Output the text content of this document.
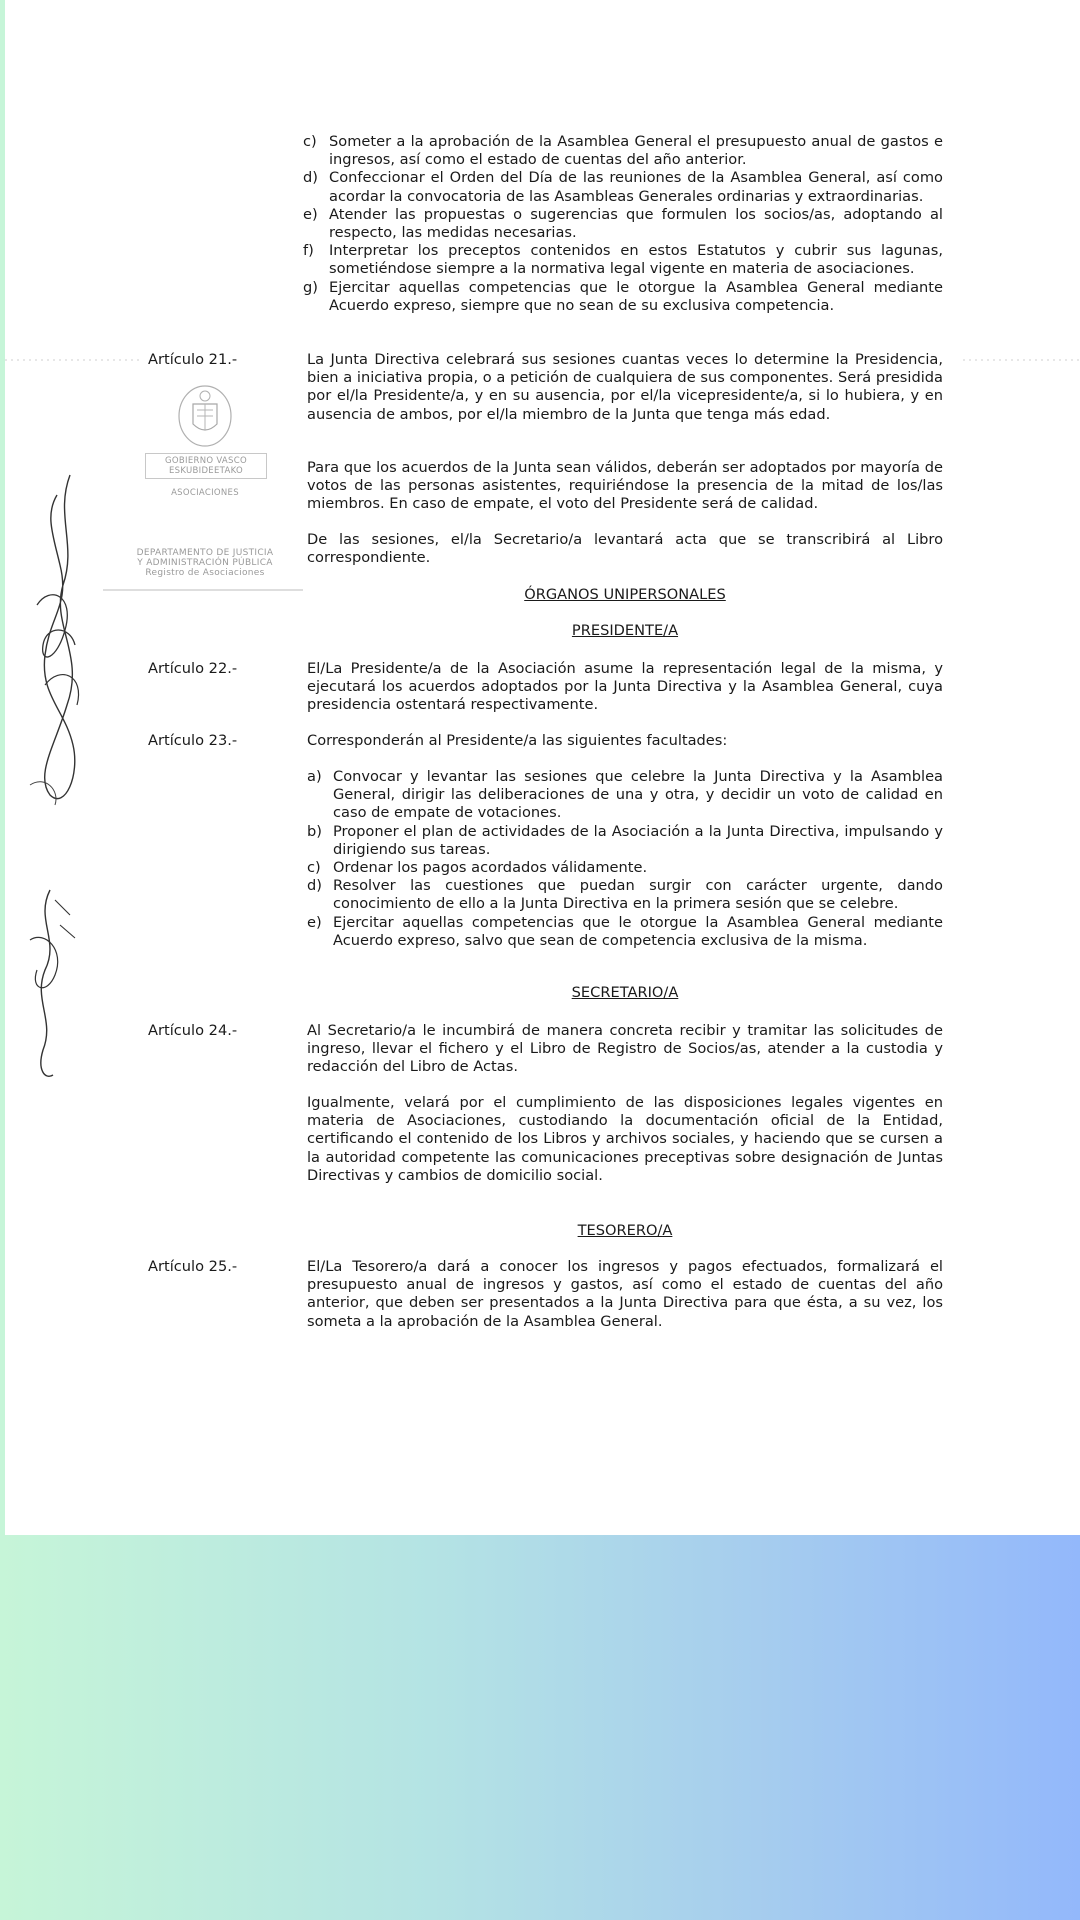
c) Someter a la aprobación de la Asamblea General el presupuesto anual de gastos e ingresos, así como el estado de cuentas del año anterior.
d) Confeccionar el Orden del Día de las reuniones de la Asamblea General, así como acordar la convocatoria de las Asambleas Generales ordinarias y extraordinarias.
e) Atender las propuestas o sugerencias que formulen los socios/as, adoptando al respecto, las medidas necesarias.
f)	Interpretar los preceptos contenidos en estos Estatutos y cubrir sus lagunas, sometiéndose siempre a la normativa legal vigente en materia de asociaciones.
g) Ejercitar aquellas competencias que le otorgue la Asamblea General mediante Acuerdo expreso, siempre que no sean de su exclusiva competencia.
Artículo 21.-	La Junta Directiva celebrará sus sesiones cuantas veces lo determine la Presidencia, bien a iniciativa propia, o a petición de cualquiera de sus componentes. Será presidida por el/la Presidente/a, y en su ausencia, por el/la vicepresidente/a, si lo hubiera, y en ausencia de ambos, por el/la miembro de la Junta que tenga más edad.
Para que los acuerdos de la Junta sean válidos, deberán ser adoptados por mayoría de votos de las personas asistentes, requiriéndose la presencia de la mitad de los/las miembros. En caso de empate, el voto del Presidente será de calidad.
De las sesiones, el/la Secretario/a levantará acta que se transcribirá al Libro correspondiente.
GOBIERNO VASCO
ESKUBIDEETAKO
ASOCIACIONES
DEPARTAMENTO DE JUSTICIA
Y ADMINISTRACIÓN PÚBLICA
Registro de Asociaciones
ÓRGANOS UNIPERSONALES
PRESIDENTE/A
Artículo 22.-	El/La Presidente/a de la Asociación asume la representación legal de la misma, y ejecutará los acuerdos adoptados por la Junta Directiva y la Asamblea General, cuya presidencia ostentará respectivamente.
Artículo 23.-	Corresponderán al Presidente/a las siguientes facultades:
a) Convocar y levantar las sesiones que celebre la Junta Directiva y la Asamblea General, dirigir las deliberaciones de una y otra, y decidir un voto de calidad en caso de empate de votaciones.
b) Proponer el plan de actividades de la Asociación a la Junta Directiva, impulsando y dirigiendo sus tareas.
c) Ordenar los pagos acordados válidamente.
d) Resolver las cuestiones que puedan surgir con carácter urgente, dando conocimiento de ello a la Junta Directiva en la primera sesión que se celebre.
e) Ejercitar aquellas competencias que le otorgue la Asamblea General mediante Acuerdo expreso, salvo que sean de competencia exclusiva de la misma.
SECRETARIO/A
Artículo 24.-	Al Secretario/a le incumbirá de manera concreta recibir y tramitar las solicitudes de ingreso, llevar el fichero y el Libro de Registro de Socios/as, atender a la custodia y redacción del Libro de Actas.
Igualmente, velará por el cumplimiento de las disposiciones legales vigentes en materia de Asociaciones, custodiando la documentación oficial de la Entidad, certificando el contenido de los Libros y archivos sociales, y haciendo que se cursen a la autoridad competente las comunicaciones preceptivas sobre designación de Juntas Directivas y cambios de domicilio social.
TESORERO/A
Artículo 25.-	El/La Tesorero/a dará a conocer los ingresos y pagos efectuados, formalizará el presupuesto anual de ingresos y gastos, así como el estado de cuentas del año anterior, que deben ser presentados a la Junta Directiva para que ésta, a su vez, los someta a la aprobación de la Asamblea General.
